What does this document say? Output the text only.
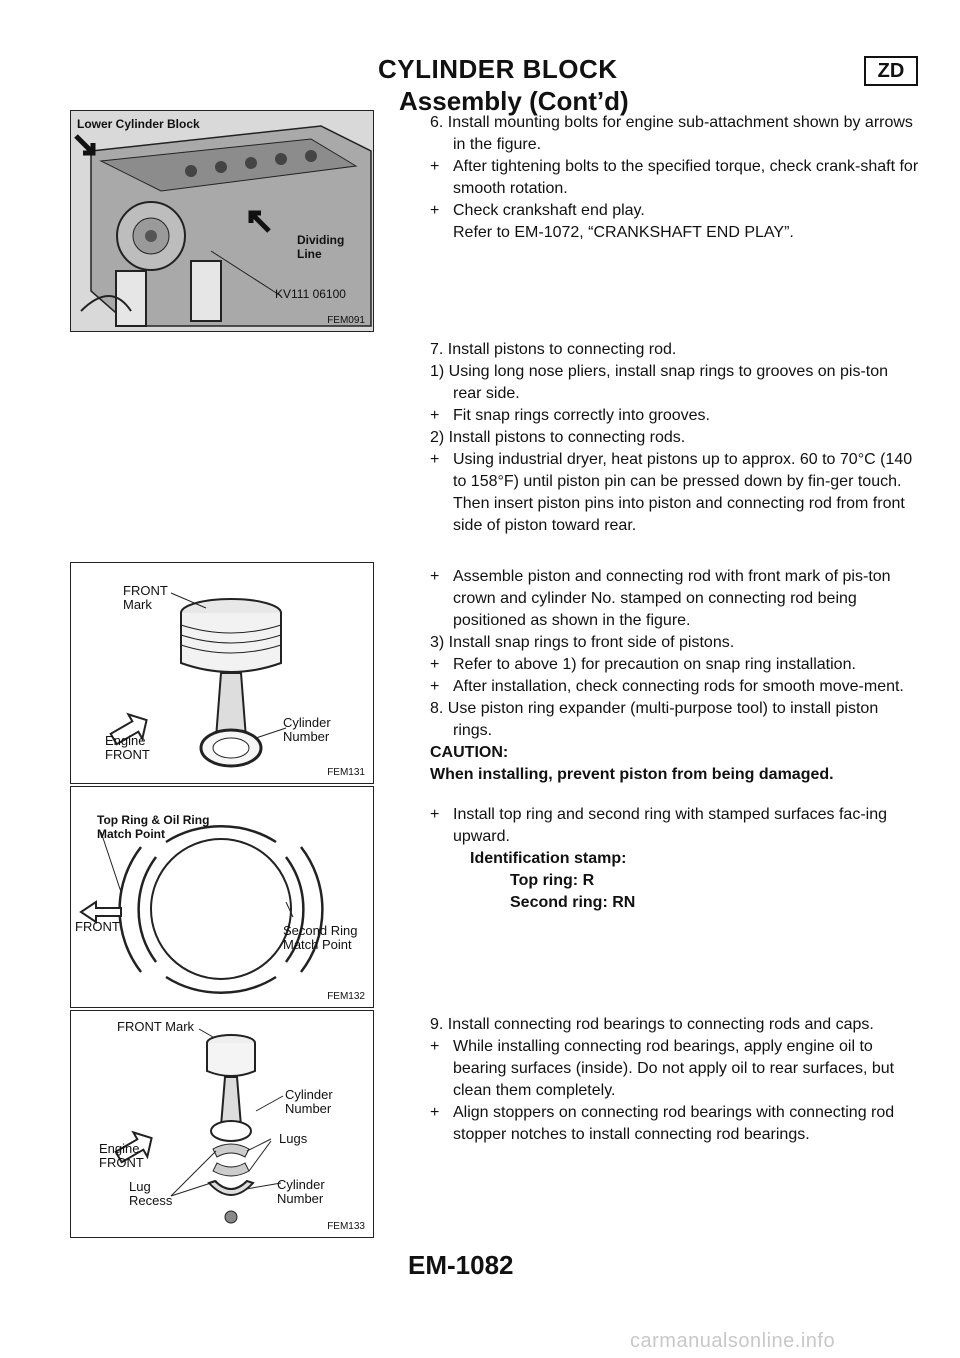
CYLINDER BLOCK	ZD
Assembly (Cont’d)
Lower Cylinder Block
Dividing
Line
KV111 06100
FEM091
FRONT
Mark
Engine
FRONT
Cylinder
Number
FEM131
Top Ring & Oil Ring
Match Point
FRONT	Second Ring
Match Point
FEM132
FRONT Mark
Cylinder
Number
Lugs
Engine
FRONT
Lug
Recess
Cylinder
Number
FEM133

6. Install mounting bolts for engine sub-attachment shown by arrows in the figure.

+ After tightening bolts to the specified torque, check crank-shaft for smooth rotation.

+ Check crankshaft end play.

Refer to EM-1072, “CRANKSHAFT END PLAY”.

7. Install pistons to connecting rod.

1) Using long nose pliers, install snap rings to grooves on pis-ton rear side.

+ Fit snap rings correctly into grooves.

2) Install pistons to connecting rods.

+ Using industrial dryer, heat pistons up to approx. 60 to 70°C (140 to 158°F) until piston pin can be pressed down by fin-ger touch. Then insert piston pins into piston and connecting rod from front side of piston toward rear.

+ Assemble piston and connecting rod with front mark of pis-ton crown and cylinder No. stamped on connecting rod being positioned as shown in the figure.

3) Install snap rings to front side of pistons.

+ Refer to above 1) for precaution on snap ring installation.

+ After installation, check connecting rods for smooth move-ment.

8. Use piston ring expander (multi-purpose tool) to install piston rings.

CAUTION:

When installing, prevent piston from being damaged.

+ Install top ring and second ring with stamped surfaces fac-ing upward.

Identification stamp:

Top ring: R

Second ring: RN

9. Install connecting rod bearings to connecting rods and caps.

+ While installing connecting rod bearings, apply engine oil to bearing surfaces (inside). Do not apply oil to rear surfaces, but clean them completely.

+ Align stoppers on connecting rod bearings with connecting rod stopper notches to install connecting rod bearings.

EM-1082
carmanualsonline.info
